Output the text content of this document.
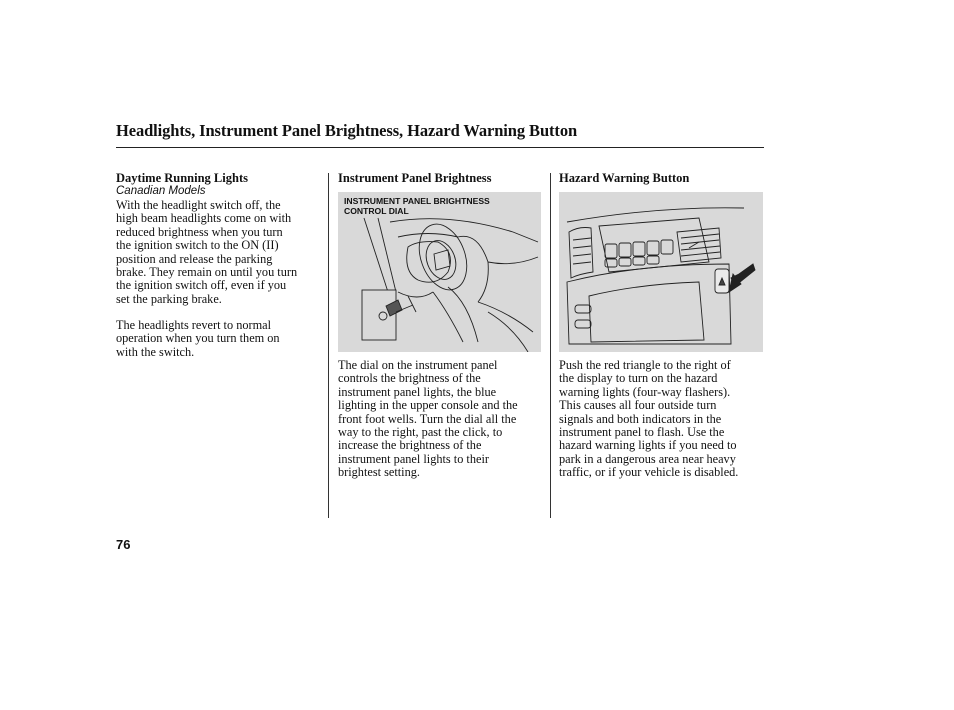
Headlights, Instrument Panel Brightness, Hazard Warning Button
Daytime Running Lights
Canadian Models
With the headlight switch off, the
high beam headlights come on with
reduced brightness when you turn
the ignition switch to the ON (II)
position and release the parking
brake. They remain on until you turn
the ignition switch off, even if you
set the parking brake.
The headlights revert to normal
operation when you turn them on
with the switch.
Instrument Panel Brightness
INSTRUMENT PANEL BRIGHTNESS
CONTROL DIAL
The dial on the instrument panel
controls the brightness of the
instrument panel lights, the blue
lighting in the upper console and the
front foot wells. Turn the dial all the
way to the right, past the click, to
increase the brightness of the
instrument panel lights to their
brightest setting.
Hazard Warning Button
Push the red triangle to the right of
the display to turn on the hazard
warning lights (four-way flashers).
This causes all four outside turn
signals and both indicators in the
instrument panel to flash. Use the
hazard warning lights if you need to
park in a dangerous area near heavy
traffic, or if your vehicle is disabled.
76
